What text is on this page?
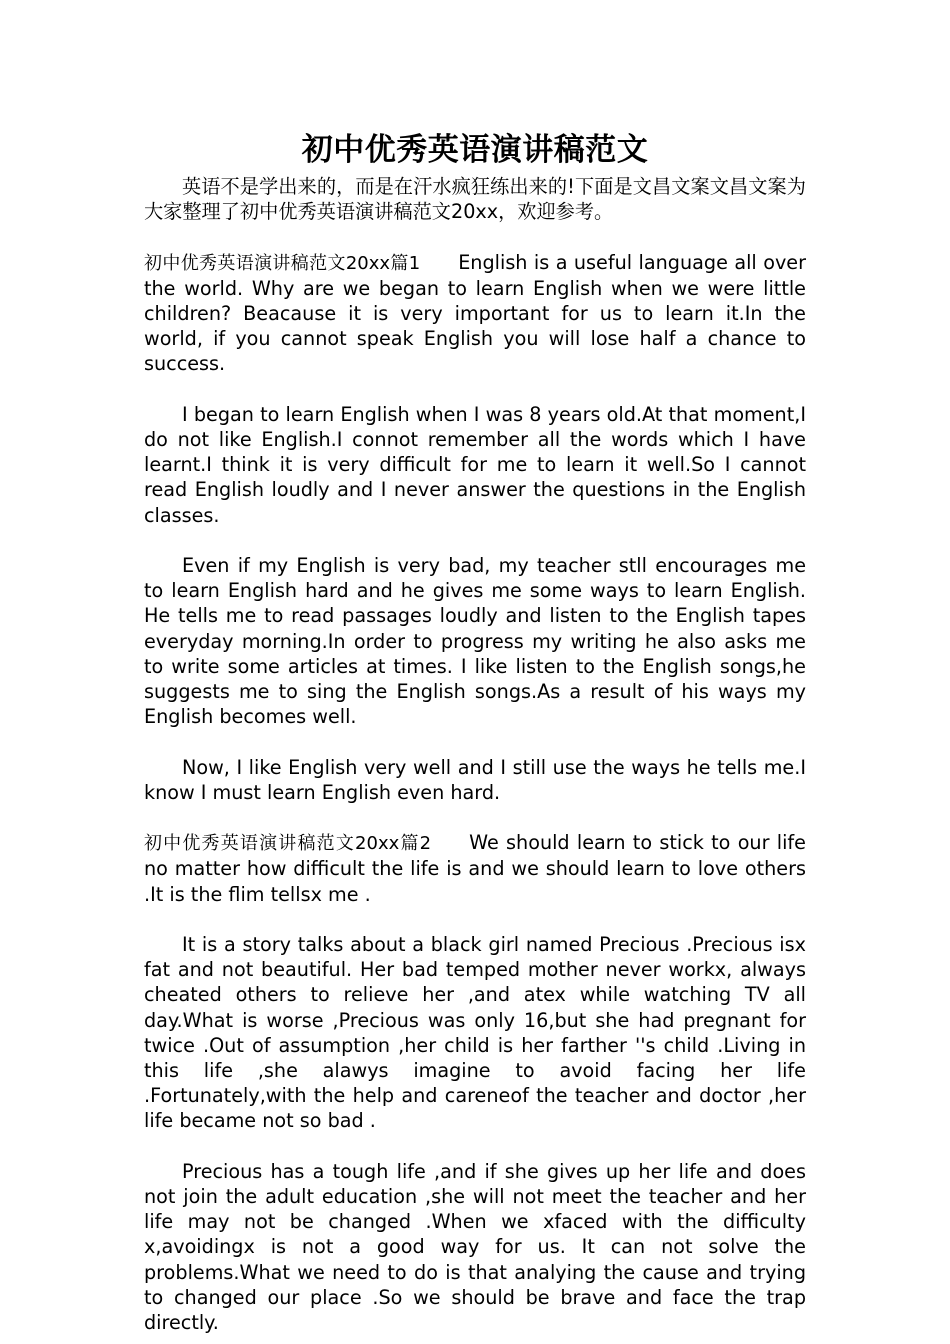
初中优秀英语演讲稿范文

英语不是学出来的，而是在汗水疯狂练出来的!下面是文昌文案文昌文案为大家整理了初中优秀英语演讲稿范文20xx，欢迎参考。

初中优秀英语演讲稿范文20xx篇1 English is a useful language all over the world. Why are we began to learn English when we were little children? Beacause it is very important for us to learn it.In the world, if you cannot speak English you will lose half a chance to success.

I began to learn English when I was 8 years old.At that moment,I do not like English.I connot remember all the words which I have learnt.I think it is very difficult for me to learn it well.So I cannot read English loudly and I never answer the questions in the English classes.

Even if my English is very bad, my teacher stll encourages me to learn English hard and he gives me some ways to learn English. He tells me to read passages loudly and listen to the English tapes everyday morning.In order to progress my writing he also asks me to write some articles at times. I like listen to the English songs,he suggests me to sing the English songs.As a result of his ways my English becomes well.

Now, I like English very well and I still use the ways he tells me.I know I must learn English even hard.

初中优秀英语演讲稿范文20xx篇2 We should learn to stick to our life no matter how difficult the life is and we should learn to love others .It is the flim tellsx me .

It is a story talks about a black girl named Precious .Precious isx fat and not beautiful. Her bad temped mother never workx, always cheated others to relieve her ,and atex while watching TV all day.What is worse ,Precious was only 16,but she had pregnant for twice .Out of assumption ,her child is her farther ''s child .Living in this life ,she alawys imagine to avoid facing her life .Fortunately,with the help and careneof the teacher and doctor ,her life became not so bad .

Precious has a tough life ,and if she gives up her life and does not join the adult education ,she will not meet the teacher and her life may not be changed .When we xfaced with the difficulty x,avoidingx is not a good way for us. It can not solve the problems.What we need to do is that analying the cause and trying to changed our place .So we should be brave and face the trap directly.
